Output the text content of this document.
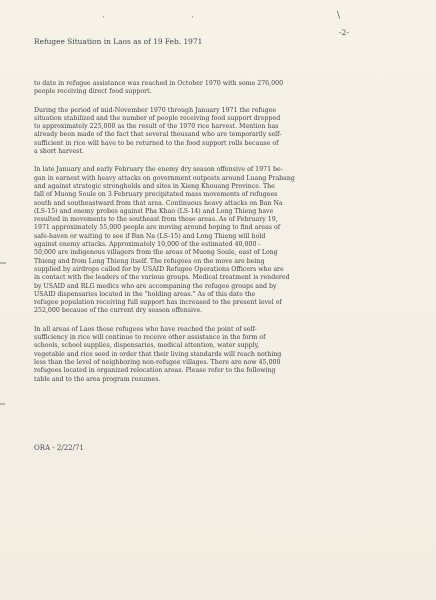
\
'	'
-2-
Refugee Situation in Laos as of 19 Feb. 1971
to date in refugee assistance was reached in October 1970 with some 276,000
people receiving direct food support.
During the period of mid-November 1970 through January 1971 the refugee
situation stabilized and the number of people receiving food support dropped
to approximately 225,000 as the result of the 1970 rice harvest. Mention has
already been made of the fact that several thousand who are temporarily self-
sufficient in rice will have to be returned to the food support rolls because of
a short harvest.
In late January and early February the enemy dry season offensive of 1971 be-
gan in earnest with heavy attacks on government outposts around Luang Prabang
and against strategic strongholds and sites in Xieng Khouang Province. The
fall of Muong Soule on 3 February precipitated mass movements of refugees
south and southeastward from that area. Continuous heavy attacks on Ban Na
(LS-15) and enemy probes against Pha Khao (LS-14) and Long Thieng have
resulted in movements to the southeast from those areas. As of February 19,
1971 approximately 55,000 people are moving around hoping to find areas of
safe-haven or waiting to see if Ban Na (LS-15) and Long Thieng will hold
against enemy attacks. Approximately 10,000 of the estimated 40,000 -
50,000 are indigenous villagers from the areas of Muong Soule, east of Long
Thieng and from Long Thieng itself. The refugees on the move are being
supplied by airdrops called for by USAID Refugee Operations Officers who are
in contact with the leaders of the various groups. Medical treatment is rendered
by USAID and RLG medics who are accompaning the refugee groups and by
USAID dispensaries located in the "holding areas." As of this date the
refugee population receiving full support has increased to the present level of
252,000 because of the current dry season offensive.
In all areas of Laos those refugees who have reached the point of self-
sufficiency in rice will continue to receive other assistance in the form of
schools, school supplies, dispensaries, medical attention, water supply,
vegetable and rice seed in order that their living standards will reach nothing
less than the level of neighboring non-refugee villages. There are now 45,000
refugees located in organized relocation areas. Please refer to the following
table and to the area program resumes.
ORA - 2/22/71
